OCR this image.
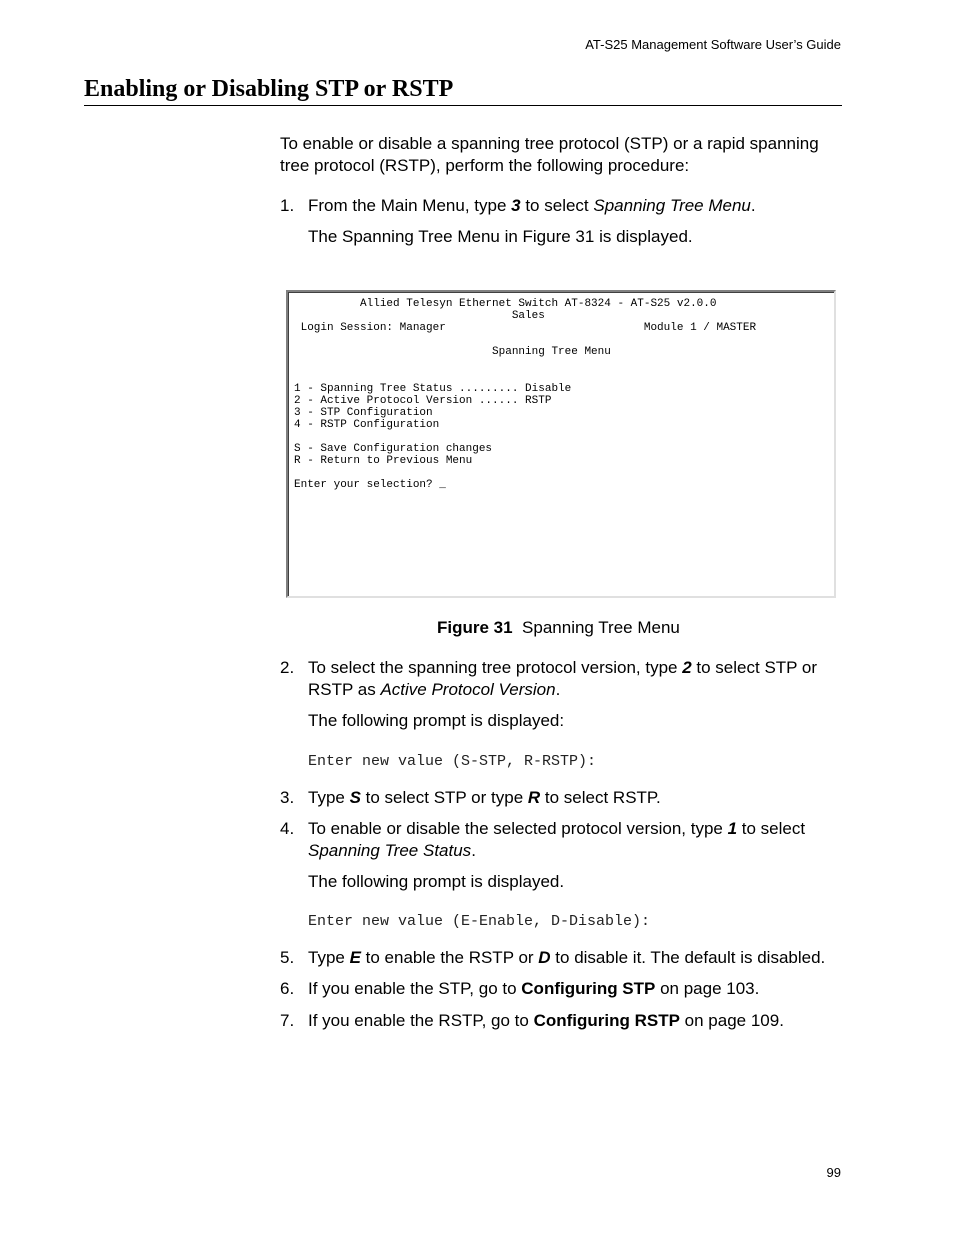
AT-S25 Management Software User’s Guide
Enabling or Disabling STP or RSTP
To enable or disable a spanning tree protocol (STP) or a rapid spanning tree protocol (RSTP), perform the following procedure:
1. From the Main Menu, type 3 to select Spanning Tree Menu.
The Spanning Tree Menu in Figure 31 is displayed.
Allied Telesyn Ethernet Switch AT-8324 - AT-S25 v2.0.0
Sales
Login Session: Manager                              Module 1 / MASTER

Spanning Tree Menu

1 - Spanning Tree Status ......... Disable
2 - Active Protocol Version ...... RSTP
3 - STP Configuration
4 - RSTP Configuration

S - Save Configuration changes
R - Return to Previous Menu

Enter your selection? _
Figure 31 Spanning Tree Menu
2. To select the spanning tree protocol version, type 2 to select STP or RSTP as Active Protocol Version.
The following prompt is displayed:
Enter new value (S-STP, R-RSTP):
3. Type S to select STP or type R to select RSTP.
4. To enable or disable the selected protocol version, type 1 to select Spanning Tree Status.
The following prompt is displayed.
Enter new value (E-Enable, D-Disable):
5. Type E to enable the RSTP or D to disable it. The default is disabled.
6. If you enable the STP, go to Configuring STP on page 103.
7. If you enable the RSTP, go to Configuring RSTP on page 109.
99
